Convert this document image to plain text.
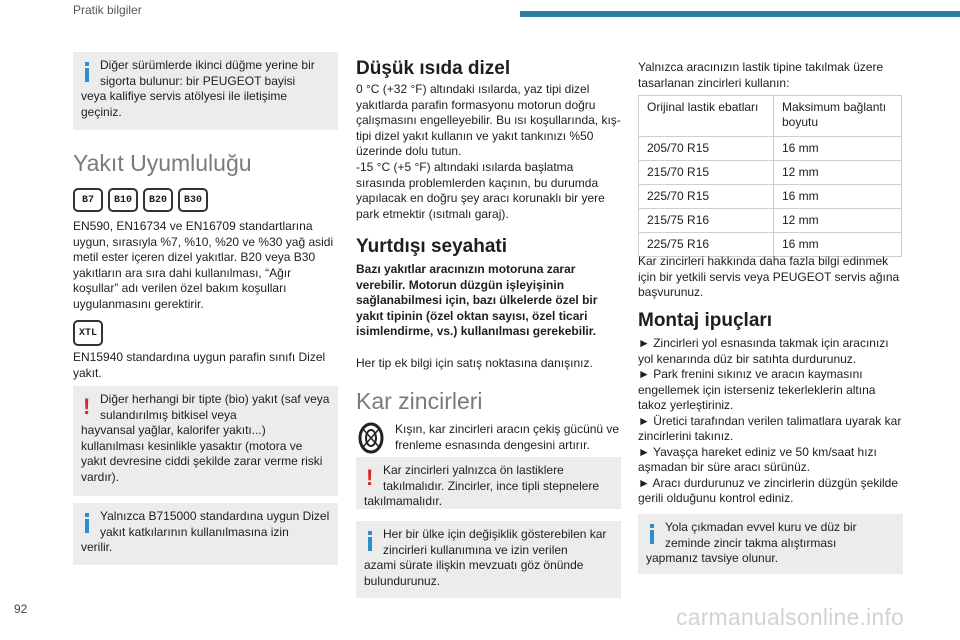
Pratik bilgiler
Diğer sürümlerde ikinci düğme yerine bir sigorta bulunur: bir PEUGEOT bayisi
veya kalifiye servis atölyesi ile iletişime geçiniz.
Yakıt Uyumluluğu
B7	B10	B20	B30

EN590, EN16734 ve EN16709 standartlarına uygun, sırasıyla %7, %10, %20 ve %30 yağ asidi metil ester içeren dizel yakıtlar. B20 veya B30 yakıtların ara sıra dahi kullanılması, “Ağır koşullar” adı verilen özel bakım koşulları uygulanmasını gerektirir.

XTL

EN15940 standardına uygun parafin sınıfı Dizel yakıt.

! Diğer herhangi bir tipte (bio) yakıt (saf veya sulandırılmış bitkisel veya
hayvansal yağlar, kalorifer yakıtı...) kullanılması kesinlikle yasaktır (motora ve yakıt devresine ciddi şekilde zarar verme riski vardır).
Yalnızca B715000 standardına uygun Dizel yakıt katkılarının kullanılmasına izin
verilir.
Düşük ısıda dizel

0 °C (+32 °F) altındaki ısılarda, yaz tipi dizel yakıtlarda parafin formasyonu motorun doğru çalışmasını engelleyebilir. Bu ısı koşullarında, kış-tipi dizel yakıt kullanın ve yakıt tankınızı %50 üzerinde dolu tutun.

-15 °C (+5 °F) altındaki ısılarda başlatma sırasında problemlerden kaçının, bu durumda yapılacak en doğru şey aracı korunaklı bir yere park etmektir (ısıtmalı garaj).

Yurtdışı seyahati

Bazı yakıtlar aracınızın motoruna zarar verebilir. Motorun düzgün işleyişinin sağlanabilmesi için, bazı ülkelerde özel bir yakıt tipinin (özel oktan sayısı, özel ticari isimlendirme, vs.) kullanılması gerekebilir.

Her tip ek bilgi için satış noktasına danışınız.

Kar zincirleri

Kışın, kar zincirleri aracın çekiş gücünü ve frenleme esnasında dengesini artırır.

! Kar zincirleri yalnızca ön lastiklere takılmalıdır. Zincirler, ince tipli stepnelere
takılmamalıdır.
Her bir ülke için değişiklik gösterebilen kar zincirleri kullanımına ve izin verilen
azami sürate ilişkin mevzuatı göz önünde bulundurunuz.

Yalnızca aracınızın lastik tipine takılmak üzere tasarlanan zincirleri kullanın:

Orijinal lastik ebatları	Maksimum bağlantı boyutu
205/70 R15	16 mm
215/70 R15	12 mm
225/70 R15	16 mm
215/75 R16	12 mm
225/75 R16	16 mm

Kar zincirleri hakkında daha fazla bilgi edinmek için bir yetkili servis veya PEUGEOT servis ağına başvurunuz.

Montaj ipuçları

► Zincirleri yol esnasında takmak için aracınızı yol kenarında düz bir satıhta durdurunuz.

► Park frenini sıkınız ve aracın kaymasını engellemek için isterseniz tekerleklerin altına takoz yerleştiriniz.

► Üretici tarafından verilen talimatlara uyarak kar zincirlerini takınız.

► Yavaşça hareket ediniz ve 50 km/saat hızı aşmadan bir süre aracı sürünüz.

► Aracı durdurunuz ve zincirlerin düzgün şekilde gerili olduğunu kontrol ediniz.

Yola çıkmadan evvel kuru ve düz bir zeminde zincir takma alıştırması
yapmanız tavsiye olunur.
92	carmanualsonline.info
